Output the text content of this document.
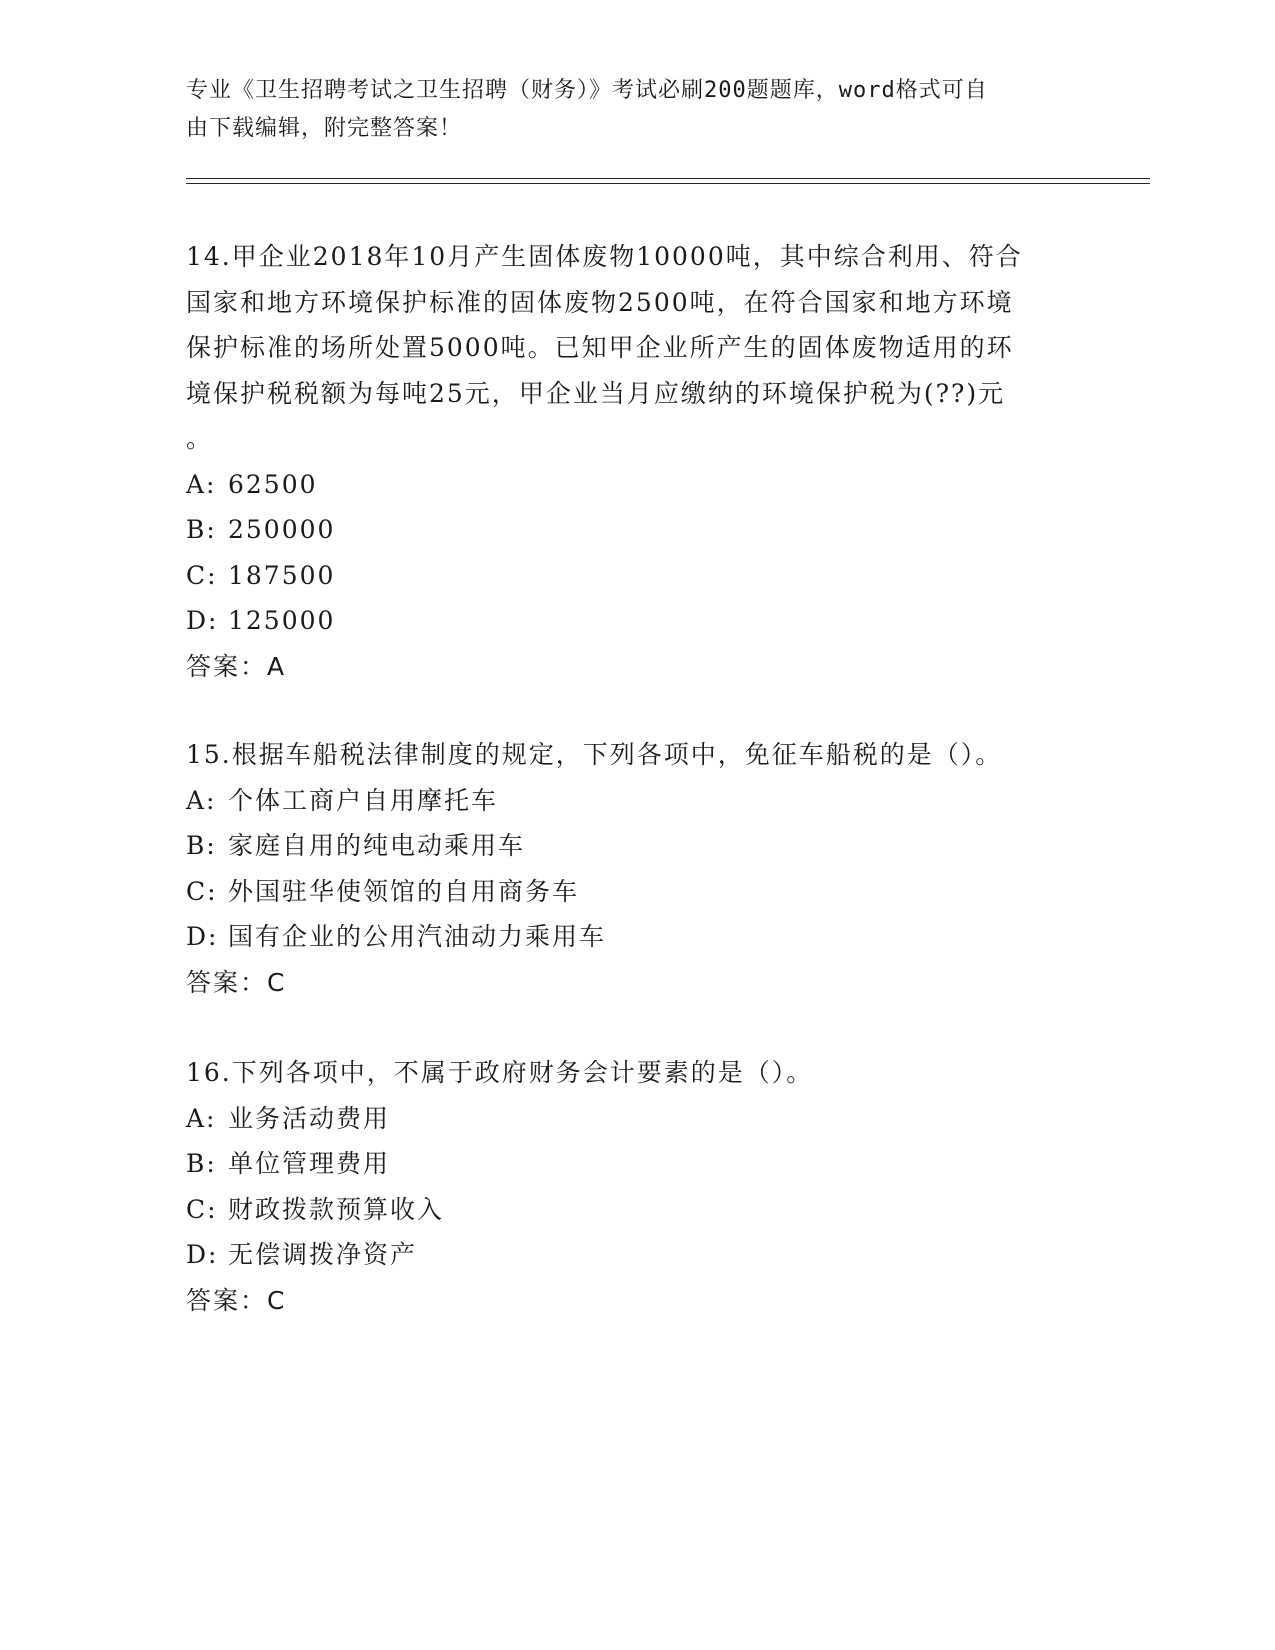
专业《卫生招聘考试之卫生招聘（财务）》考试必刷200题题库，word格式可自
由下载编辑，附完整答案！

14.甲企业2018年10月产生固体废物10000吨，其中综合利用、符合

国家和地方环境保护标准的固体废物2500吨，在符合国家和地方环境

保护标准的场所处置5000吨。已知甲企业所产生的固体废物适用的环

境保护税税额为每吨25元，甲企业当月应缴纳的环境保护税为(??)元

。

A: 62500

B: 250000

C: 187500

D: 125000

答案：A

15.根据车船税法律制度的规定，下列各项中，免征车船税的是（）。

A: 个体工商户自用摩托车

B: 家庭自用的纯电动乘用车

C: 外国驻华使领馆的自用商务车

D: 国有企业的公用汽油动力乘用车

答案：C

16.下列各项中，不属于政府财务会计要素的是（）。

A: 业务活动费用

B: 单位管理费用

C: 财政拨款预算收入

D: 无偿调拨净资产

答案：C
